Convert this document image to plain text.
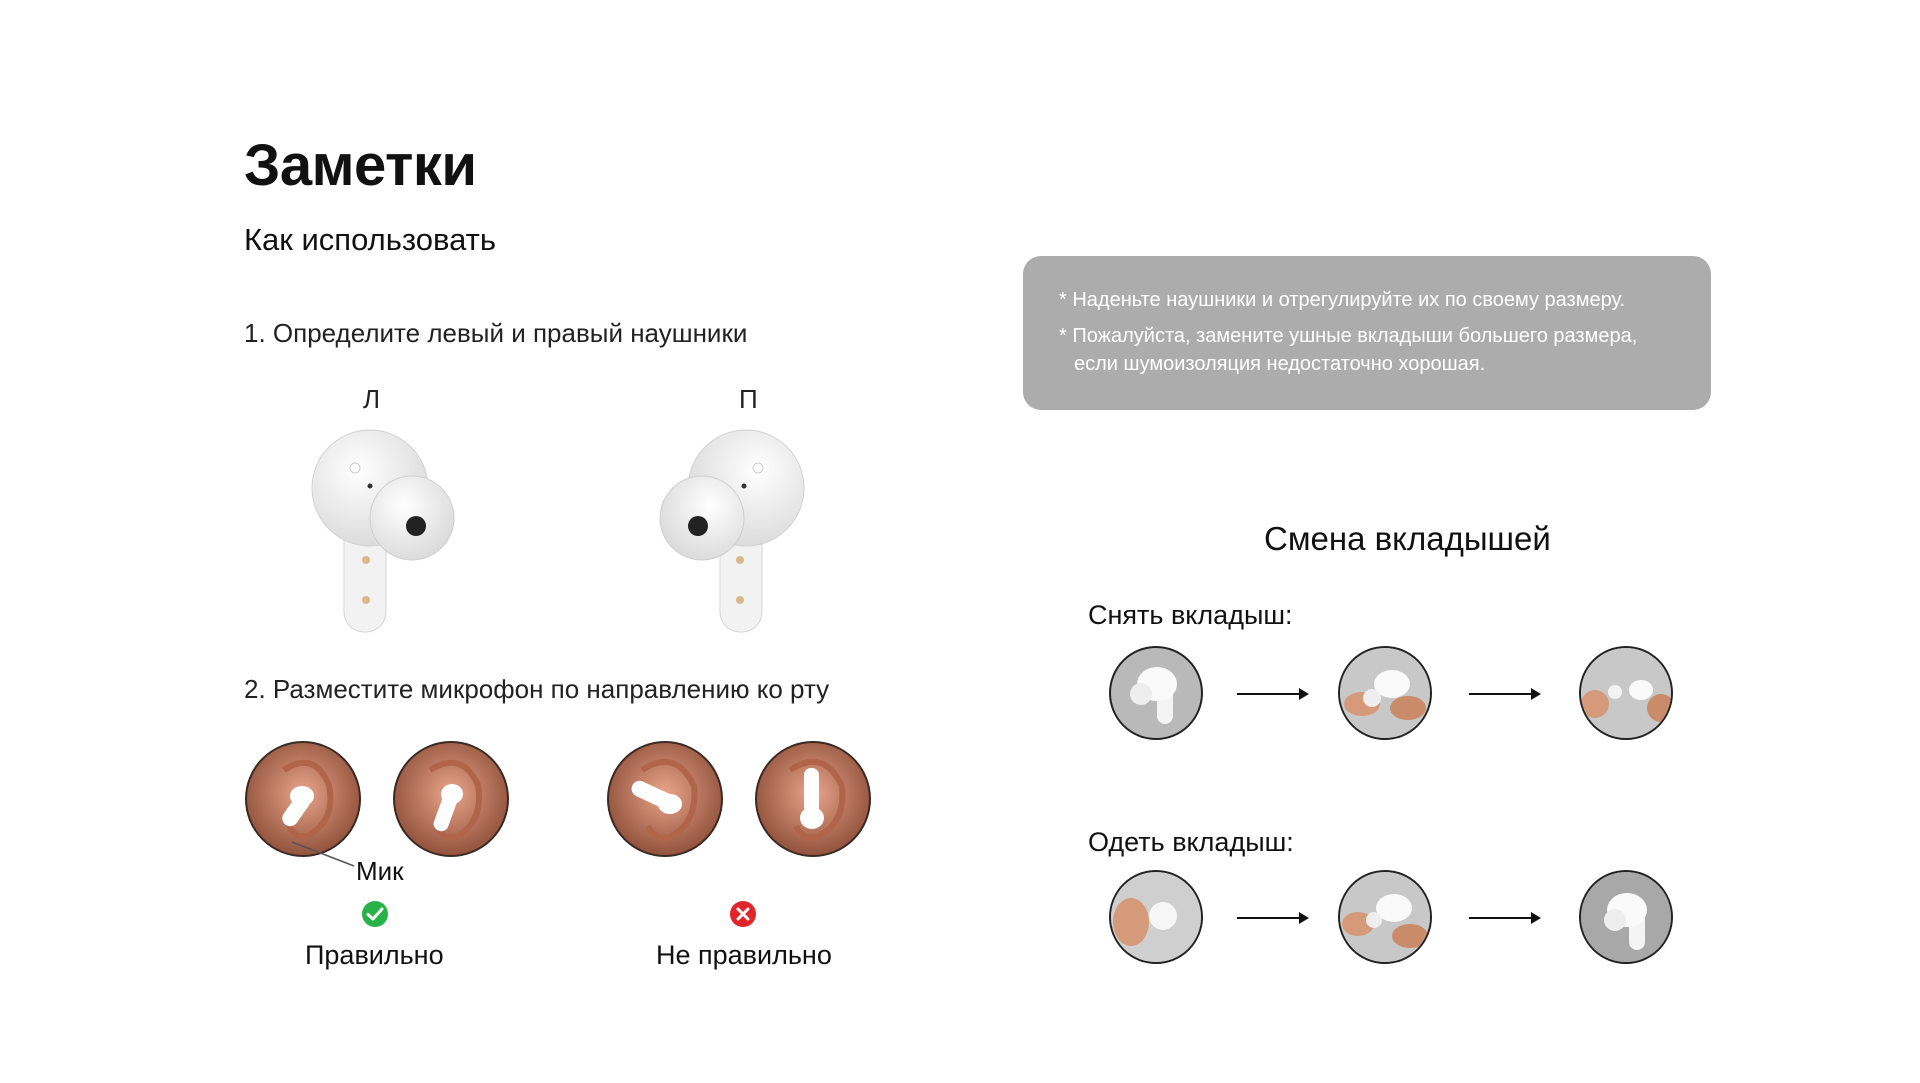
Заметки
Как использовать
1. Определите левый и правый наушники
Л	П
2. Разместите микрофон по направлению ко рту
Мик
Правильно	Не правильно
* Наденьте наушники и отрегулируйте их по своему размеру.
* Пожалуйста, замените ушные вкладыши большего размера,
если шумоизоляция недостаточно хорошая.
Смена вкладышей
Снять вкладыш:
Одеть вкладыш:
